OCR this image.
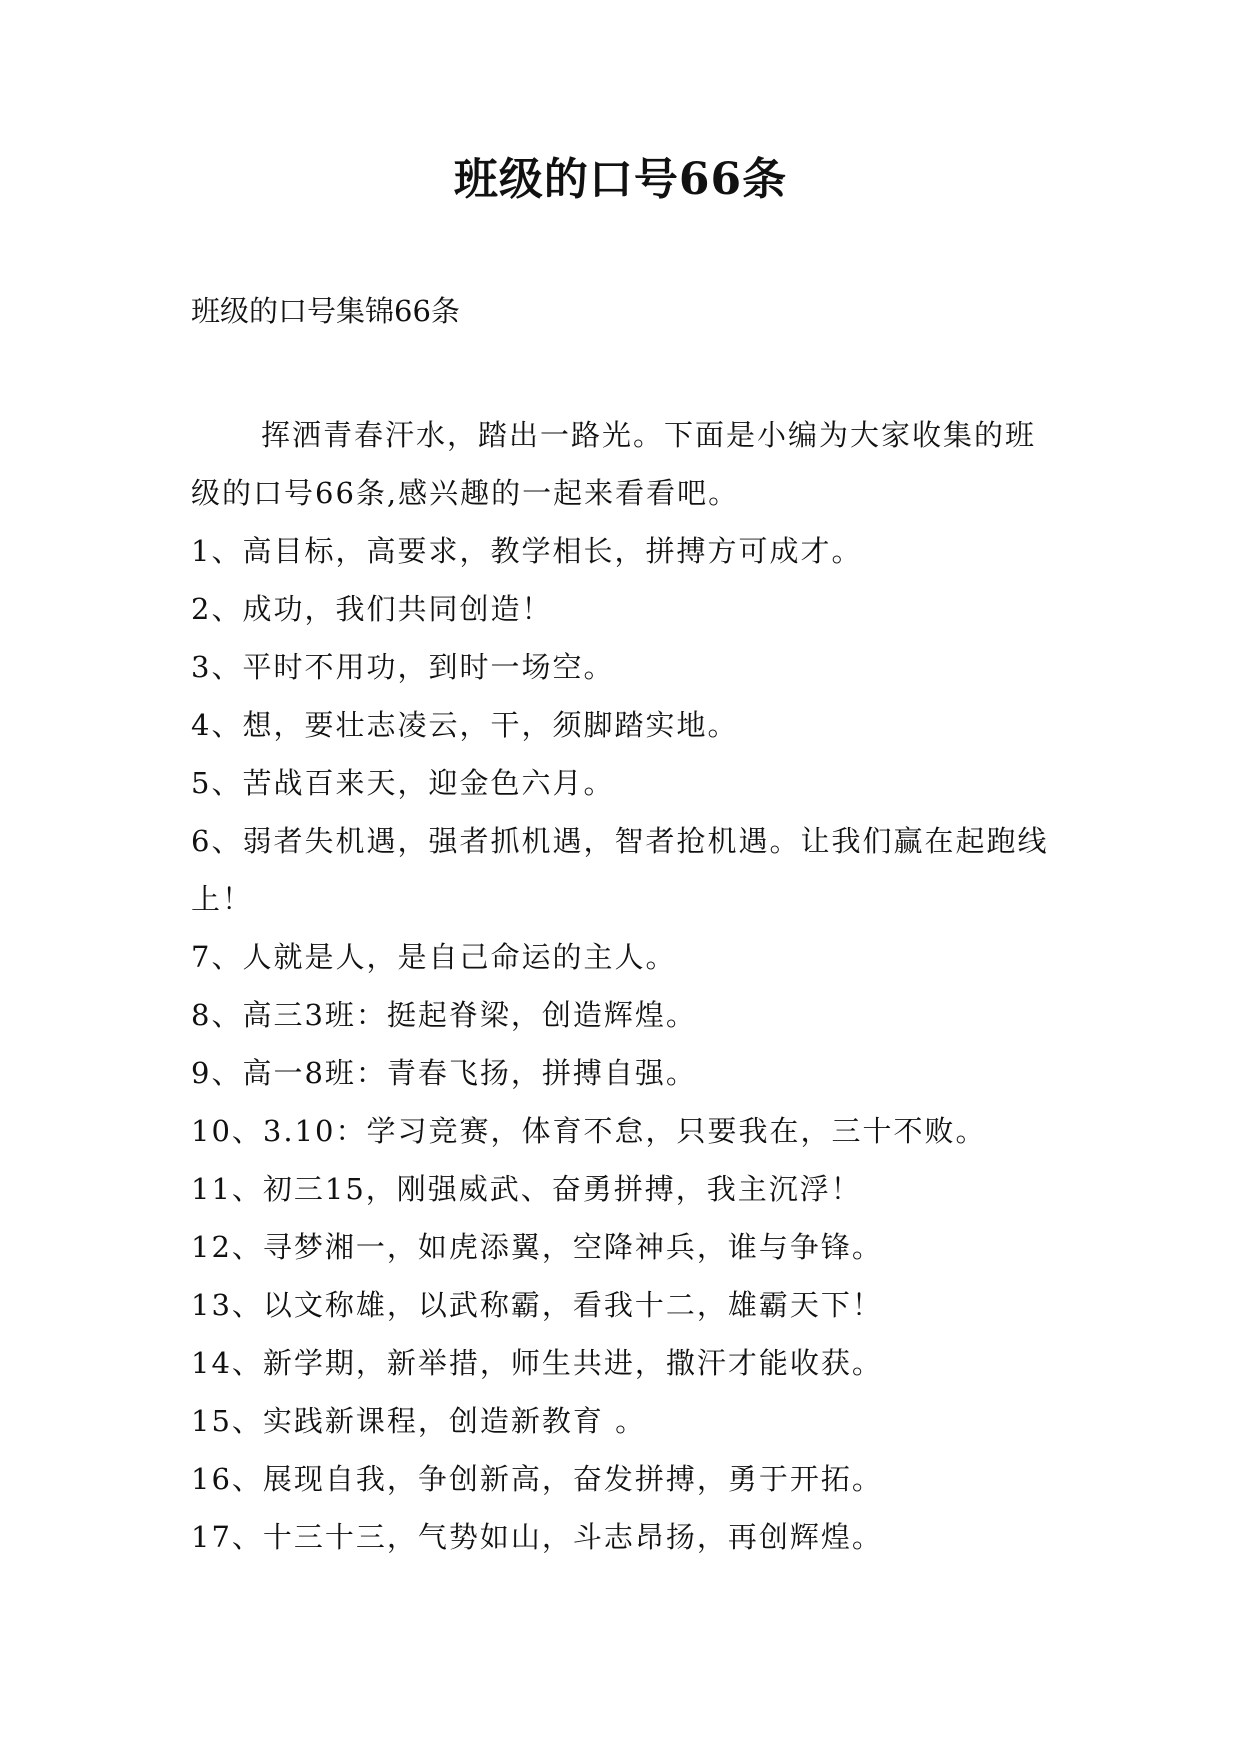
班级的口号66条
班级的口号集锦66条

挥洒青春汗水，踏出一路光。下面是小编为大家收集的班级的口号66条,感兴趣的一起来看看吧。

1、高目标，高要求，教学相长，拼搏方可成才。

2、成功，我们共同创造！

3、平时不用功，到时一场空。

4、想，要壮志凌云，干，须脚踏实地。

5、苦战百来天，迎金色六月。

6、弱者失机遇，强者抓机遇，智者抢机遇。让我们赢在起跑线上！

7、人就是人，是自己命运的主人。

8、高三3班：挺起脊梁，创造辉煌。

9、高一8班：青春飞扬，拼搏自强。

10、3.10：学习竞赛，体育不怠，只要我在，三十不败。

11、初三15，刚强威武、奋勇拼搏，我主沉浮！

12、寻梦湘一，如虎添翼，空降神兵，谁与争锋。

13、以文称雄，以武称霸，看我十二，雄霸天下！

14、新学期，新举措，师生共进，撒汗才能收获。

15、实践新课程，创造新教育 。

16、展现自我，争创新高，奋发拼搏，勇于开拓。

17、十三十三，气势如山，斗志昂扬，再创辉煌。
